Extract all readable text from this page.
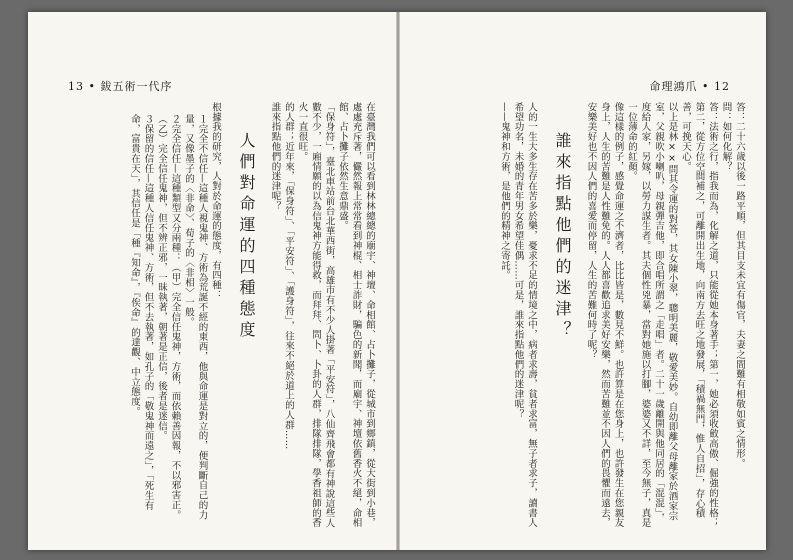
13 • 鈸五術一代序

在臺灣我們可以看到林林總總的廟宇、神壇、命相館、占卜攤子，從城市到鄉鎮，從大街到小巷，處處充斥著，儼然報上常常看到神棍、相士詐財，騙色的新聞，而廟宇、神壇依舊香火不絕，命相館、占卜攤子依然生意鼎盛。

「保身符」，臺北車站前台北華西街，高雄市有不少人掛著「平安符」，八仙齊飛會都有神說這些人數不少，一廂情願的以為信鬼神方能得救，而拜拜、問卜、卜卦的人群，排隊排隊，學香祖師的香火一直很旺。

的人群；近年來，「保身符」、「平安符」、「護身符」，往來不絕於道上的人群……

誰來指點他們的迷津呢？

人們對命運的四種態度

根據我的研究，人對於命運的態度，有四種：

１完全不信任—這種人視鬼神、方術為荒誕不經的東西，他與命運是對立的，便判斷自己的力量，又像墨子的〈非命〉、荀子的〈非相〉一般。

２完全信任—這種類型又分兩種：（甲）完全信任鬼神，方術，而依賴善因報，不以邪害正。（乙）完全信任鬼神，但不辨正邪，一昧執著，朝著是正信，後者是迷信。

３保留的信任—這種人信任鬼神、方術，但不去執著，如孔子的「敬鬼神而遠之」，「死生有命，富貴在天」，其信任是「種『知命』，『俟命』的達觀、中立態度。

命理鴻爪 • 12

答：二十六歲以後一路平順，但其目支未宜有傷官，夫妻之間難有相敬如賓之情形。

問：如何化解？

答：法術之行，指我而為，化解之道，只能從她本身著手；第一，她必須收斂高傲、倔強的性格；第二，從方位空間補之，可離開出生地，向南方去旺之地發展，「積禍無門，惟人自招」，存心積善，可挽天心。

以上是林××問其令運的對答，其女陳小翠，聰明美麗，敬愛美妙。自幼即離父母離家於酒家宗室，父親吹小喇叭，母親彈吉他，即合唱所謂之「走唱」者。二十一歲離開與他同居的「混混」，度給人家，另嫁，以勞力謀生者。其夫個性兇暴，當對她施以打腳，婆婆又不詳，至今無子，真是一位薄命的紅顏。

像這樣的例子，感覺命運之不濟者，比比皆是，數見不鮮。也許算是在您身上，也許發生在您親友身上，人生的苦難是人性難免的。人人都喜歡追求美好安樂，然而苦難並不因人們的畏懼而遠去，安樂美好也不因人們的喜愛而停留，人生的苦難何時了呢？

誰來指點他們的迷津？

人的一生大多生存在苦多於樂，憂求不足的情境之中，病者求壽，貧者求富，無子者求子，讀書人希望功名，未婚的青年男女希望佳偶……可是，誰來指點他們的迷津呢？

——鬼神和方術，是他們的精神之寄託。
